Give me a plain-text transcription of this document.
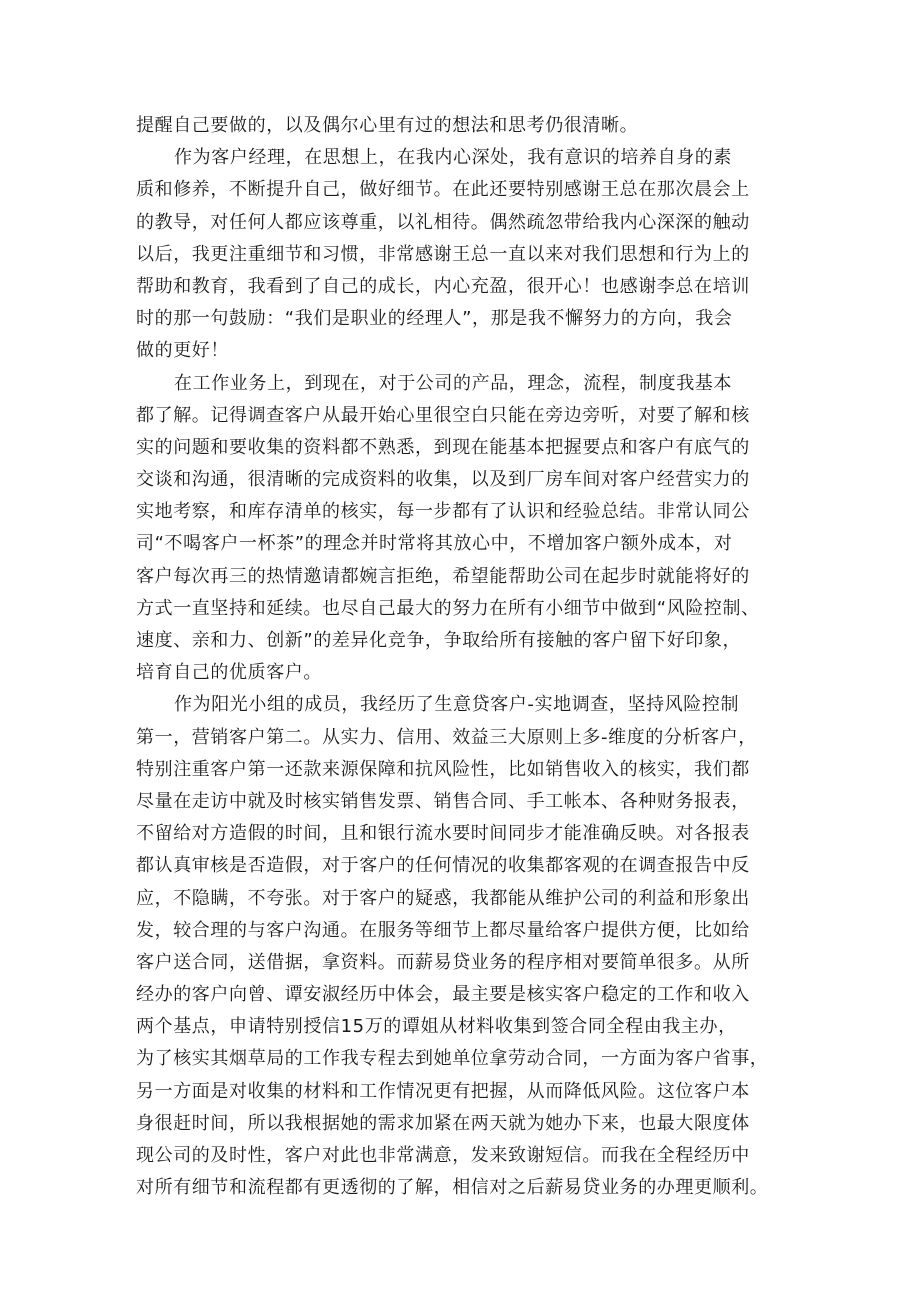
提醒自己要做的，以及偶尔心里有过的想法和思考仍很清晰。
作为客户经理，在思想上，在我内心深处，我有意识的培养自身的素
质和修养，不断提升自己，做好细节。在此还要特别感谢王总在那次晨会上
的教导，对任何人都应该尊重，以礼相待。偶然疏忽带给我内心深深的触动
以后，我更注重细节和习惯，非常感谢王总一直以来对我们思想和行为上的
帮助和教育，我看到了自己的成长，内心充盈，很开心！也感谢李总在培训
时的那一句鼓励：“我们是职业的经理人”，那是我不懈努力的方向，我会
做的更好！
在工作业务上，到现在，对于公司的产品，理念，流程，制度我基本
都了解。记得调查客户从最开始心里很空白只能在旁边旁听，对要了解和核
实的问题和要收集的资料都不熟悉，到现在能基本把握要点和客户有底气的
交谈和沟通，很清晰的完成资料的收集，以及到厂房车间对客户经营实力的
实地考察，和库存清单的核实，每一步都有了认识和经验总结。非常认同公
司“不喝客户一杯茶”的理念并时常将其放心中，不增加客户额外成本，对
客户每次再三的热情邀请都婉言拒绝，希望能帮助公司在起步时就能将好的
方式一直坚持和延续。也尽自己最大的努力在所有小细节中做到“风险控制、
速度、亲和力、创新”的差异化竞争，争取给所有接触的客户留下好印象，
培育自己的优质客户。
作为阳光小组的成员，我经历了生意贷客户-实地调查，坚持风险控制
第一，营销客户第二。从实力、信用、效益三大原则上多-维度的分析客户，
特别注重客户第一还款来源保障和抗风险性，比如销售收入的核实，我们都
尽量在走访中就及时核实销售发票、销售合同、手工帐本、各种财务报表，
不留给对方造假的时间，且和银行流水要时间同步才能准确反映。对各报表
都认真审核是否造假，对于客户的任何情况的收集都客观的在调查报告中反
应，不隐瞒，不夸张。对于客户的疑惑，我都能从维护公司的利益和形象出
发，较合理的与客户沟通。在服务等细节上都尽量给客户提供方便，比如给
客户送合同，送借据，拿资料。而薪易贷业务的程序相对要简单很多。从所
经办的客户向曾、谭安淑经历中体会，最主要是核实客户稳定的工作和收入
两个基点，申请特别授信15万的谭姐从材料收集到签合同全程由我主办，
为了核实其烟草局的工作我专程去到她单位拿劳动合同，一方面为客户省事，
另一方面是对收集的材料和工作情况更有把握，从而降低风险。这位客户本
身很赶时间，所以我根据她的需求加紧在两天就为她办下来，也最大限度体
现公司的及时性，客户对此也非常满意，发来致谢短信。而我在全程经历中
对所有细节和流程都有更透彻的了解，相信对之后薪易贷业务的办理更顺利。
